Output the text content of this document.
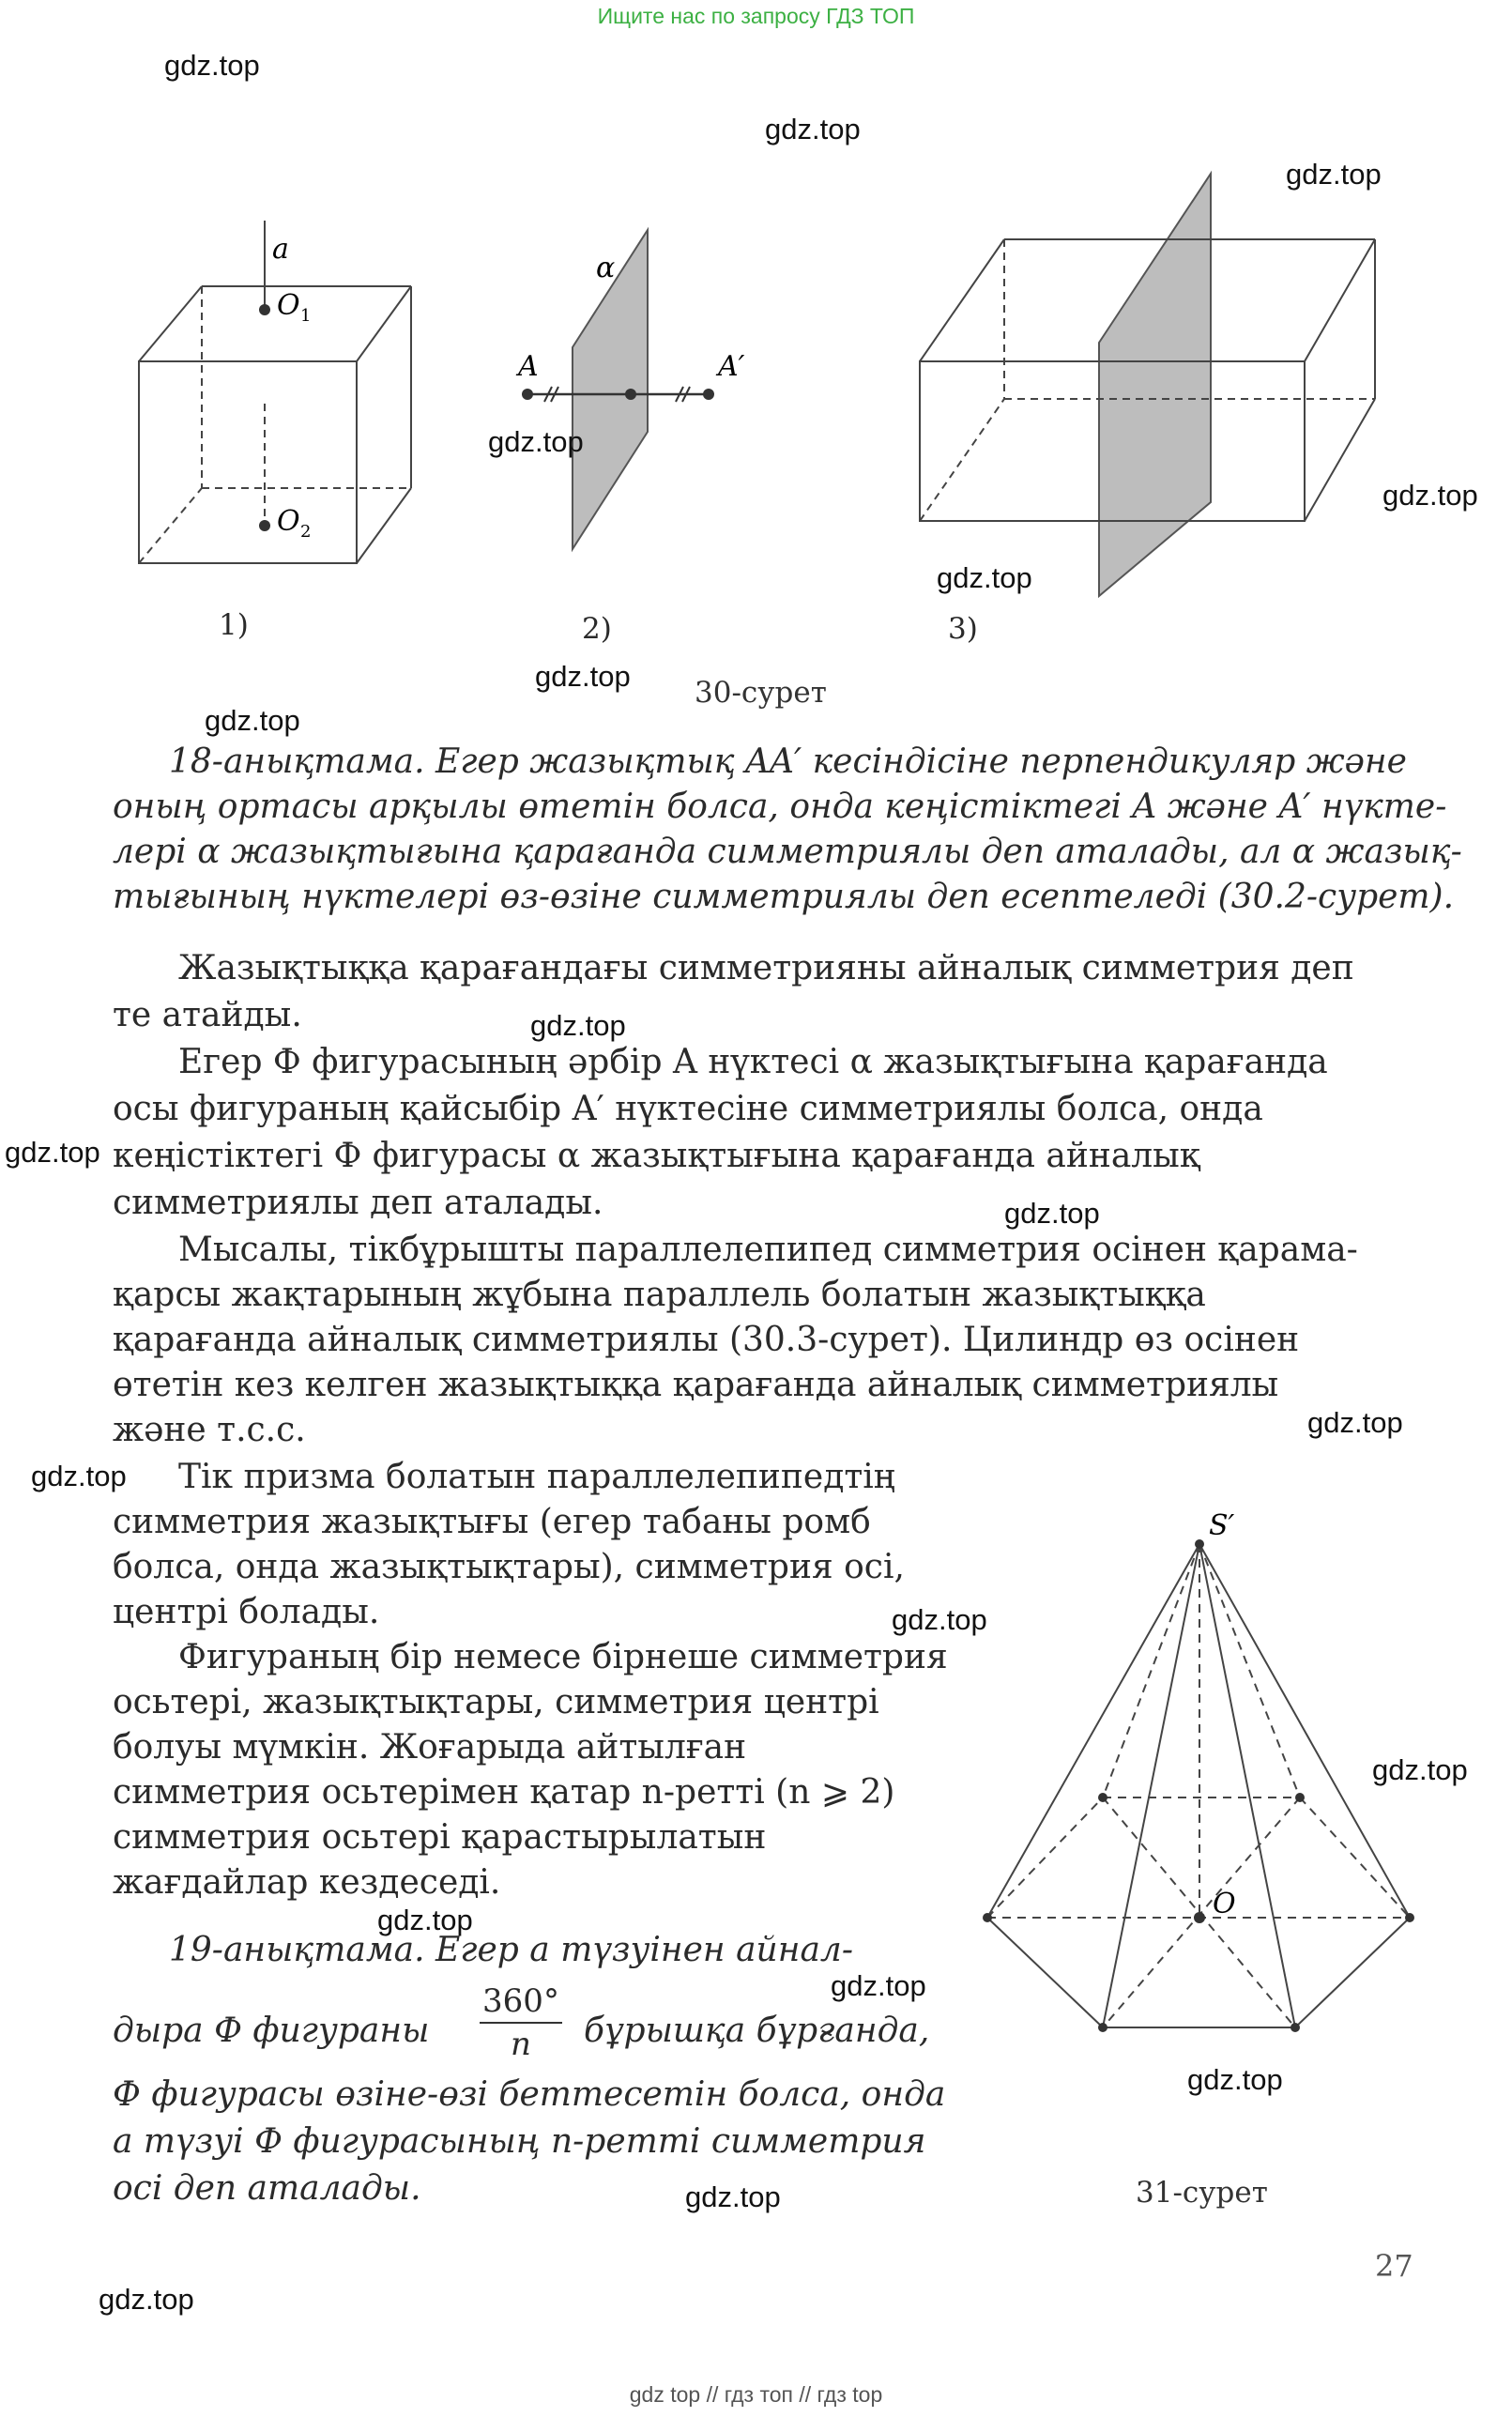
Ищите нас по запросу ГДЗ ТОП
a
O 1
O 2
α
A	A′
1)	2)	3)
30-сурет
18-анықтама. Егер жазықтық AA′ кесіндісіне перпендикуляр және
оның ортасы арқылы өтетін болса, онда кеңістіктегі A және A′ нүкте-
лері α жазықтығына қарағанда симметриялы деп аталады, ал α жазық-
тығының нүктелері өз-өзіне симметриялы деп есептеледі (30.2-сурет).
Жазықтыққа қарағандағы симметрияны айналық симметрия деп
те атайды.
Егер Ф фигурасының әрбір A нүктесі α жазықтығына қарағанда
осы фигураның қайсыбір A′ нүктесіне симметриялы болса, онда
кеңістіктегі Ф фигурасы α жазықтығына қарағанда айналық
симметриялы деп аталады.
Мысалы, тікбұрышты параллелепипед симметрия осінен қарама-
қарсы жақтарының жұбына параллель болатын жазықтыққа
қарағанда айналық симметриялы (30.3-сурет). Цилиндр өз осінен
өтетін кез келген жазықтыққа қарағанда айналық симметриялы
және т.с.с.
Тік призма болатын параллелепипедтің
симметрия жазықтығы (егер табаны ромб
болса, онда жазықтықтары), симметрия осі,
центрі болады.
Фигураның бір немесе бірнеше симметрия
осьтері, жазықтықтары, симметрия центрі
болуы мүмкін. Жоғарыда айтылған
симметрия осьтерімен қатар n-ретті (n ⩾ 2)
симметрия осьтері қарастырылатын
жағдайлар кездеседі.
19-анықтама. Егер a түзуінен айнал-
дыра Ф фигураны
360°
n	бұрышқа бұрғанда,
Ф фигурасы өзіне-өзі беттесетін болса, онда
a түзуі Ф фигурасының n-ретті симметрия
осі деп аталады.
S′
O
31-сурет
27
gdz.top
gdz.top
gdz.top
gdz.top
gdz.top
gdz.top
gdz.top
gdz.top
gdz.top
gdz.top
gdz.top
gdz.top
gdz.top
gdz.top
gdz.top
gdz.top
gdz.top
gdz.top
gdz.top
gdz.top
gdz top // гдз топ // гдз top
